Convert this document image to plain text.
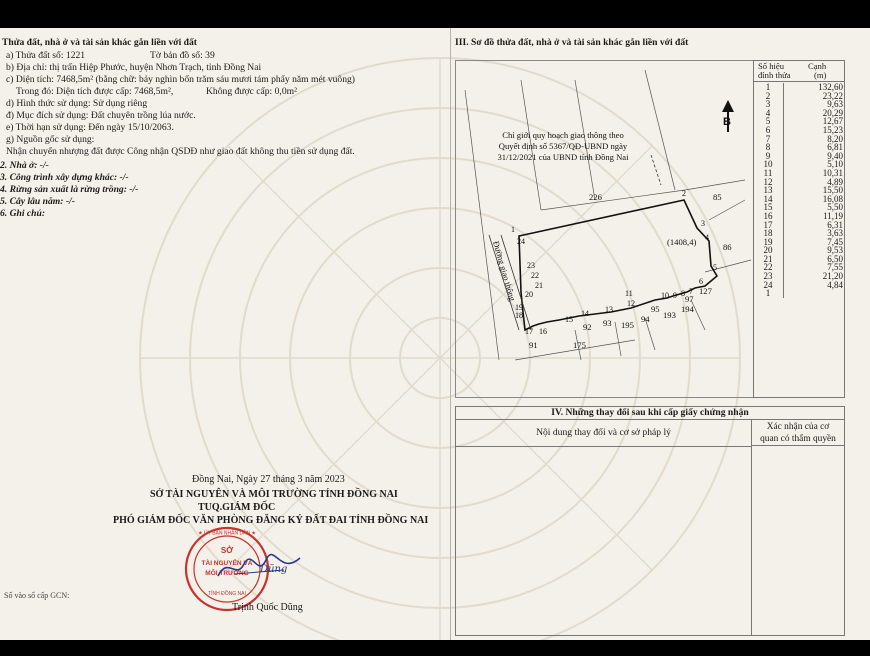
Thửa đất, nhà ở và tài sản khác gắn liền với đất
a) Thửa đất số: 1221	Tờ bản đồ số: 39
b) Địa chỉ: thị trấn Hiệp Phước, huyện Nhơn Trạch, tỉnh Đồng Nai
c) Diện tích: 7468,5m² (bằng chữ: bảy nghìn bốn trăm sáu mươi tám phẩy năm mét vuông)
Trong đó: Diện tích được cấp: 7468,5m²,	Không được cấp: 0,0m²
d) Hình thức sử dụng: Sử dụng riêng
đ) Mục đích sử dụng: Đất chuyên trồng lúa nước.
e) Thời hạn sử dụng: Đến ngày 15/10/2063.
g) Nguồn gốc sử dụng:
Nhận chuyển nhượng đất được Công nhận QSDĐ như giao đất không thu tiền sử dụng đất.
2. Nhà ở: -/-
3. Công trình xây dựng khác: -/-
4. Rừng sản xuất là rừng trồng: -/-
5. Cây lâu năm: -/-
6. Ghi chú:
Đồng Nai, Ngày 27 tháng 3 năm 2023
SỞ TÀI NGUYÊN VÀ MÔI TRƯỜNG TỈNH ĐỒNG NAI
TUQ.GIÁM ĐỐC
PHÓ GIÁM ĐỐC VĂN PHÒNG ĐĂNG KÝ ĐẤT ĐAI TỈNH ĐỒNG NAI
★ ỦY BAN NHÂN DÂN ★
SỞ
TÀI NGUYÊN VÀ
MÔI TRƯỜNG
TỈNH ĐỒNG NAI
Dũng
Trịnh Quốc Dũng
Số vào sổ cấp GCN:
III. Sơ đồ thửa đất, nhà ở và tài sản khác gắn liền với đất
Đường giao thông
B
Chỉ giới quy hoạch giao thông theo
Quyết định số 5367/QĐ-UBND ngày
31/12/2021 của UBND tỉnh Đồng Nai
(1408,4)
226	85
86
127
194
193
195
94
93
92
91	175
97
95
1
2
3
4
5
6
7
8
9
10
11
12
13
14
15
16
17
18
19
20
21
22
23
24
Số hiệu
đỉnh thửa
Cạnh
(m)
1	132,60
2	23,22
3	9,63
4	20,29
5	12,67
6	15,23
7	8,20
8	6,81
9	9,40
10	5,10
11	10,31
12	4,89
13	15,50
14	16,08
15	5,50
16	11,19
17	6,31
18	3,63
19	7,45
20	9,53
21	6,50
22	7,55
23	21,20
24	4,84
1	
IV. Những thay đổi sau khi cấp giấy chứng nhận
Nội dung thay đổi và cơ sở pháp lý	Xác nhận của cơ
quan có thẩm quyền
